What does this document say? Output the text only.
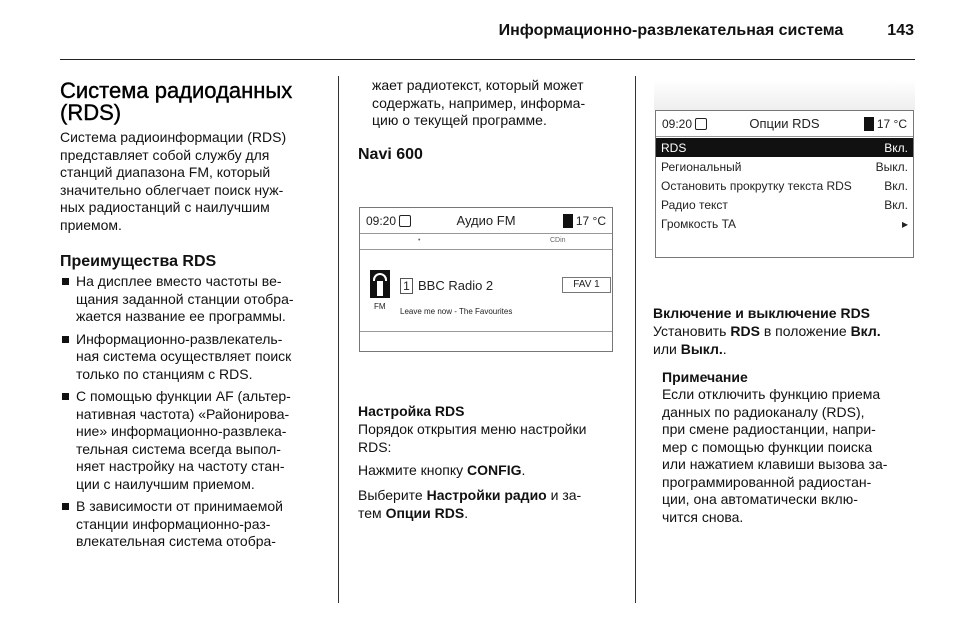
Информационно-развлекательная система	143
Система радиоданных
(RDS)
Система радиоинформации (RDS)
представляет собой службу для
станций диапазона FM, который
значительно облегчает поиск нуж-
ных радиостанций с наилучшим
приемом.
Преимущества RDS
На дисплее вместо частоты ве-
щания заданной станции отобра-
жается название ее программы.
Информационно-развлекатель-
ная система осуществляет поиск
только по станциям с RDS.
С помощью функции AF (альтер-
нативная частота) «Районирова-
ние» информационно-развлека-
тельная система всегда выпол-
няет настройку на частоту стан-
ции с наилучшим приемом.
В зависимости от принимаемой
станции информационно-раз-
влекательная система отобра-
жает радиотекст, который может
содержать, например, информа-
цию о текущей программе.
Navi 600
09:20	Аудио FM	17 °C
•	CDin
FM
1 BBC Radio 2	FAV 1
Leave me now - The Favourites
Настройка RDS
Порядок открытия меню настройки
RDS:
Нажмите кнопку CONFIG.
Выберите Настройки радио и за-
тем Опции RDS.
09:20	Опции RDS	17 °C
RDS	Вкл.
Региональный	Выкл.
Остановить прокрутку текста RDS	Вкл.
Радио текст	Вкл.
Громкость TA	▸
Включение и выключение RDS
Установить RDS в положение Вкл.
или Выкл..
Примечание
Если отключить функцию приема
данных по радиоканалу (RDS),
при смене радиостанции, напри-
мер с помощью функции поиска
или нажатием клавиши вызова за-
программированной радиостан-
ции, она автоматически вклю-
чится снова.
